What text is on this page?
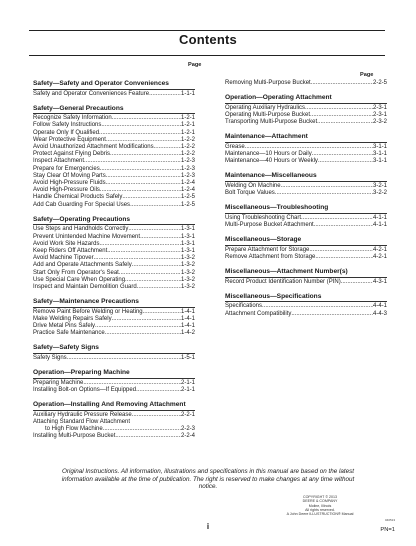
Contents
Page
Page
Safety—Safety and Operator Conveniences
Safety and Operator Conveniences Feature .....	1-1-1
Safety—General Precautions
Recognize Safety Information .....	1-2-1
Follow Safety Instructions .....	1-2-1
Operate Only If Qualified .....	1-2-1
Wear Protective Equipment .....	1-2-2
Avoid Unauthorized Attachment Modifications .....	1-2-2
Protect Against Flying Debris .....	1-2-2
Inspect Attachment .....	1-2-3
Prepare for Emergencies .....	1-2-3
Stay Clear Of Moving Parts .....	1-2-3
Avoid High-Pressure Fluids .....	1-2-4
Avoid High-Pressure Oils .....	1-2-4
Handle Chemical Products Safely .....	1-2-5
Add Cab Guarding For Special Uses .....	1-2-5
Safety—Operating Precautions
Use Steps and Handholds Correctly .....	1-3-1
Prevent Unintended Machine Movement .....	1-3-1
Avoid Work Site Hazards .....	1-3-1
Keep Riders Off Attachment .....	1-3-1
Avoid Machine Tipover .....	1-3-2
Add and Operate Attachments Safely .....	1-3-2
Start Only From Operator's Seat .....	1-3-2
Use Special Care When Operating .....	1-3-2
Inspect and Maintain Demolition Guard .....	1-3-2
Safety—Maintenance Precautions
Remove Paint Before Welding or Heating .....	1-4-1
Make Welding Repairs Safely .....	1-4-1
Drive Metal Pins Safely .....	1-4-1
Practice Safe Maintenance .....	1-4-2
Safety—Safety Signs
Safety Signs .....	1-5-1
Operation—Preparing Machine
Preparing Machine .....	2-1-1
Installing Bolt-on Options—If Equipped .....	2-1-1
Operation—Installing And Removing Attachment
Auxiliary Hydraulic Pressure Release .....	2-2-1
Attaching Standard Flow Attachment
to High Flow Machine .....	2-2-3
Installing Multi-Purpose Bucket .....	2-2-4
Removing Multi-Purpose Bucket .....	2-2-5
Operation—Operating Attachment
Operating Auxiliary Hydraulics .....	2-3-1
Operating Multi-Purpose Bucket .....	2-3-1
Transporting Multi-Purpose Bucket .....	2-3-2
Maintenance—Attachment
Grease .....	3-1-1
Maintenance—10 Hours or Daily .....	3-1-1
Maintenance—40 Hours or Weekly .....	3-1-1
Maintenance—Miscellaneous
Welding On Machine .....	3-2-1
Bolt Torque Values .....	3-2-2
Miscellaneous—Troubleshooting
Using Troubleshooting Chart .....	4-1-1
Multi-Purpose Bucket Attachment .....	4-1-1
Miscellaneous—Storage
Prepare Attachment for Storage .....	4-2-1
Remove Attachment from Storage .....	4-2-1
Miscellaneous—Attachment Number(s)
Record Product Identification Number (PIN) .....	4-3-1
Miscellaneous—Specifications
Specifications .....	4-4-1
Attachment Compatibility .....	4-4-3
Original Instructions. All information, illustrations and specifications in this manual are based on the latest information available at the time of publication. The right is reserved to make changes at any time without notice.
COPYRIGHT © 2013
DEERE & COMPANY
Moline, Illinois
All rights reserved.
A John Deere ILLUSTRUCTION® Manual
040513
i	PN=1
